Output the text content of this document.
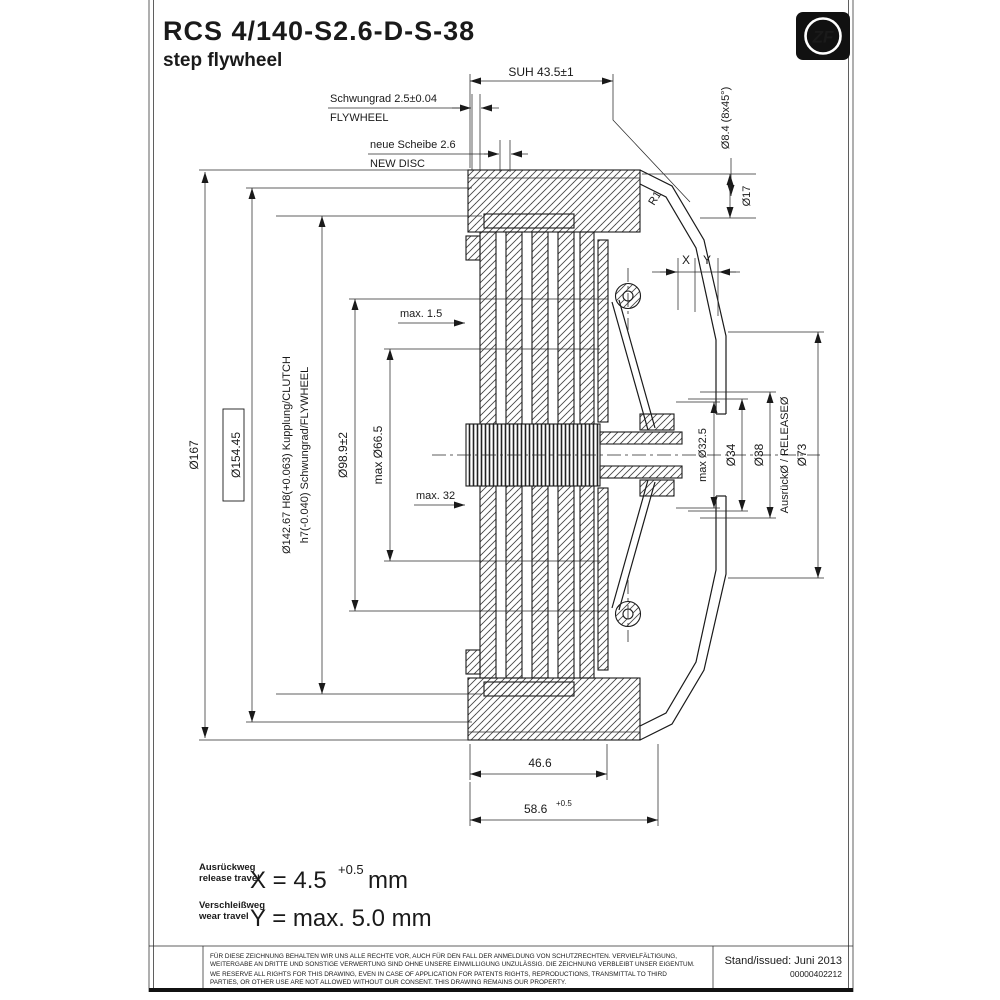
RCS 4/140-S2.6-D-S-38
step flywheel
ZF
SUH 43.5±1
Schwungrad 2.5±0.04
FLYWHEEL
neue Scheibe 2.6
NEW DISC
Ø8.4 (8x45°)
R1	Ø17
X Y
max. 1.5
max. 32
Ø167 Ø154.45	Ø142.67 H8(+0.063) Kupplung/CLUTCH h7(-0.040) Schwungrad/FLYWHEEL Ø98.9±2 max Ø66.5	max Ø32.5 Ø34 Ø38 AusrückØ / RELEASEØ Ø73
46.6
58.6 +0.5
Ausrückweg
release travel
X = 4.5 +0.5 mm
Verschleißweg
wear travel Y = max. 5.0 mm
FÜR DIESE ZEICHNUNG BEHALTEN WIR UNS ALLE RECHTE VOR, AUCH FÜR DEN FALL DER ANMELDUNG VON SCHUTZRECHTEN. VERVIELFÄLTIGUNG,
WEITERGABE AN DRITTE UND SONSTIGE VERWERTUNG SIND OHNE UNSERE EINWILLIGUNG UNZULÄSSIG. DIE ZEICHNUNG VERBLEIBT UNSER EIGENTUM.
WE RESERVE ALL RIGHTS FOR THIS DRAWING, EVEN IN CASE OF APPLICATION FOR PATENTS RIGHTS, REPRODUCTIONS, TRANSMITTAL TO THIRD
PARTIES, OR OTHER USE ARE NOT ALLOWED WITHOUT OUR CONSENT. THIS DRAWING REMAINS OUR PROPERTY.
Stand/issued: Juni 2013
00000402212
